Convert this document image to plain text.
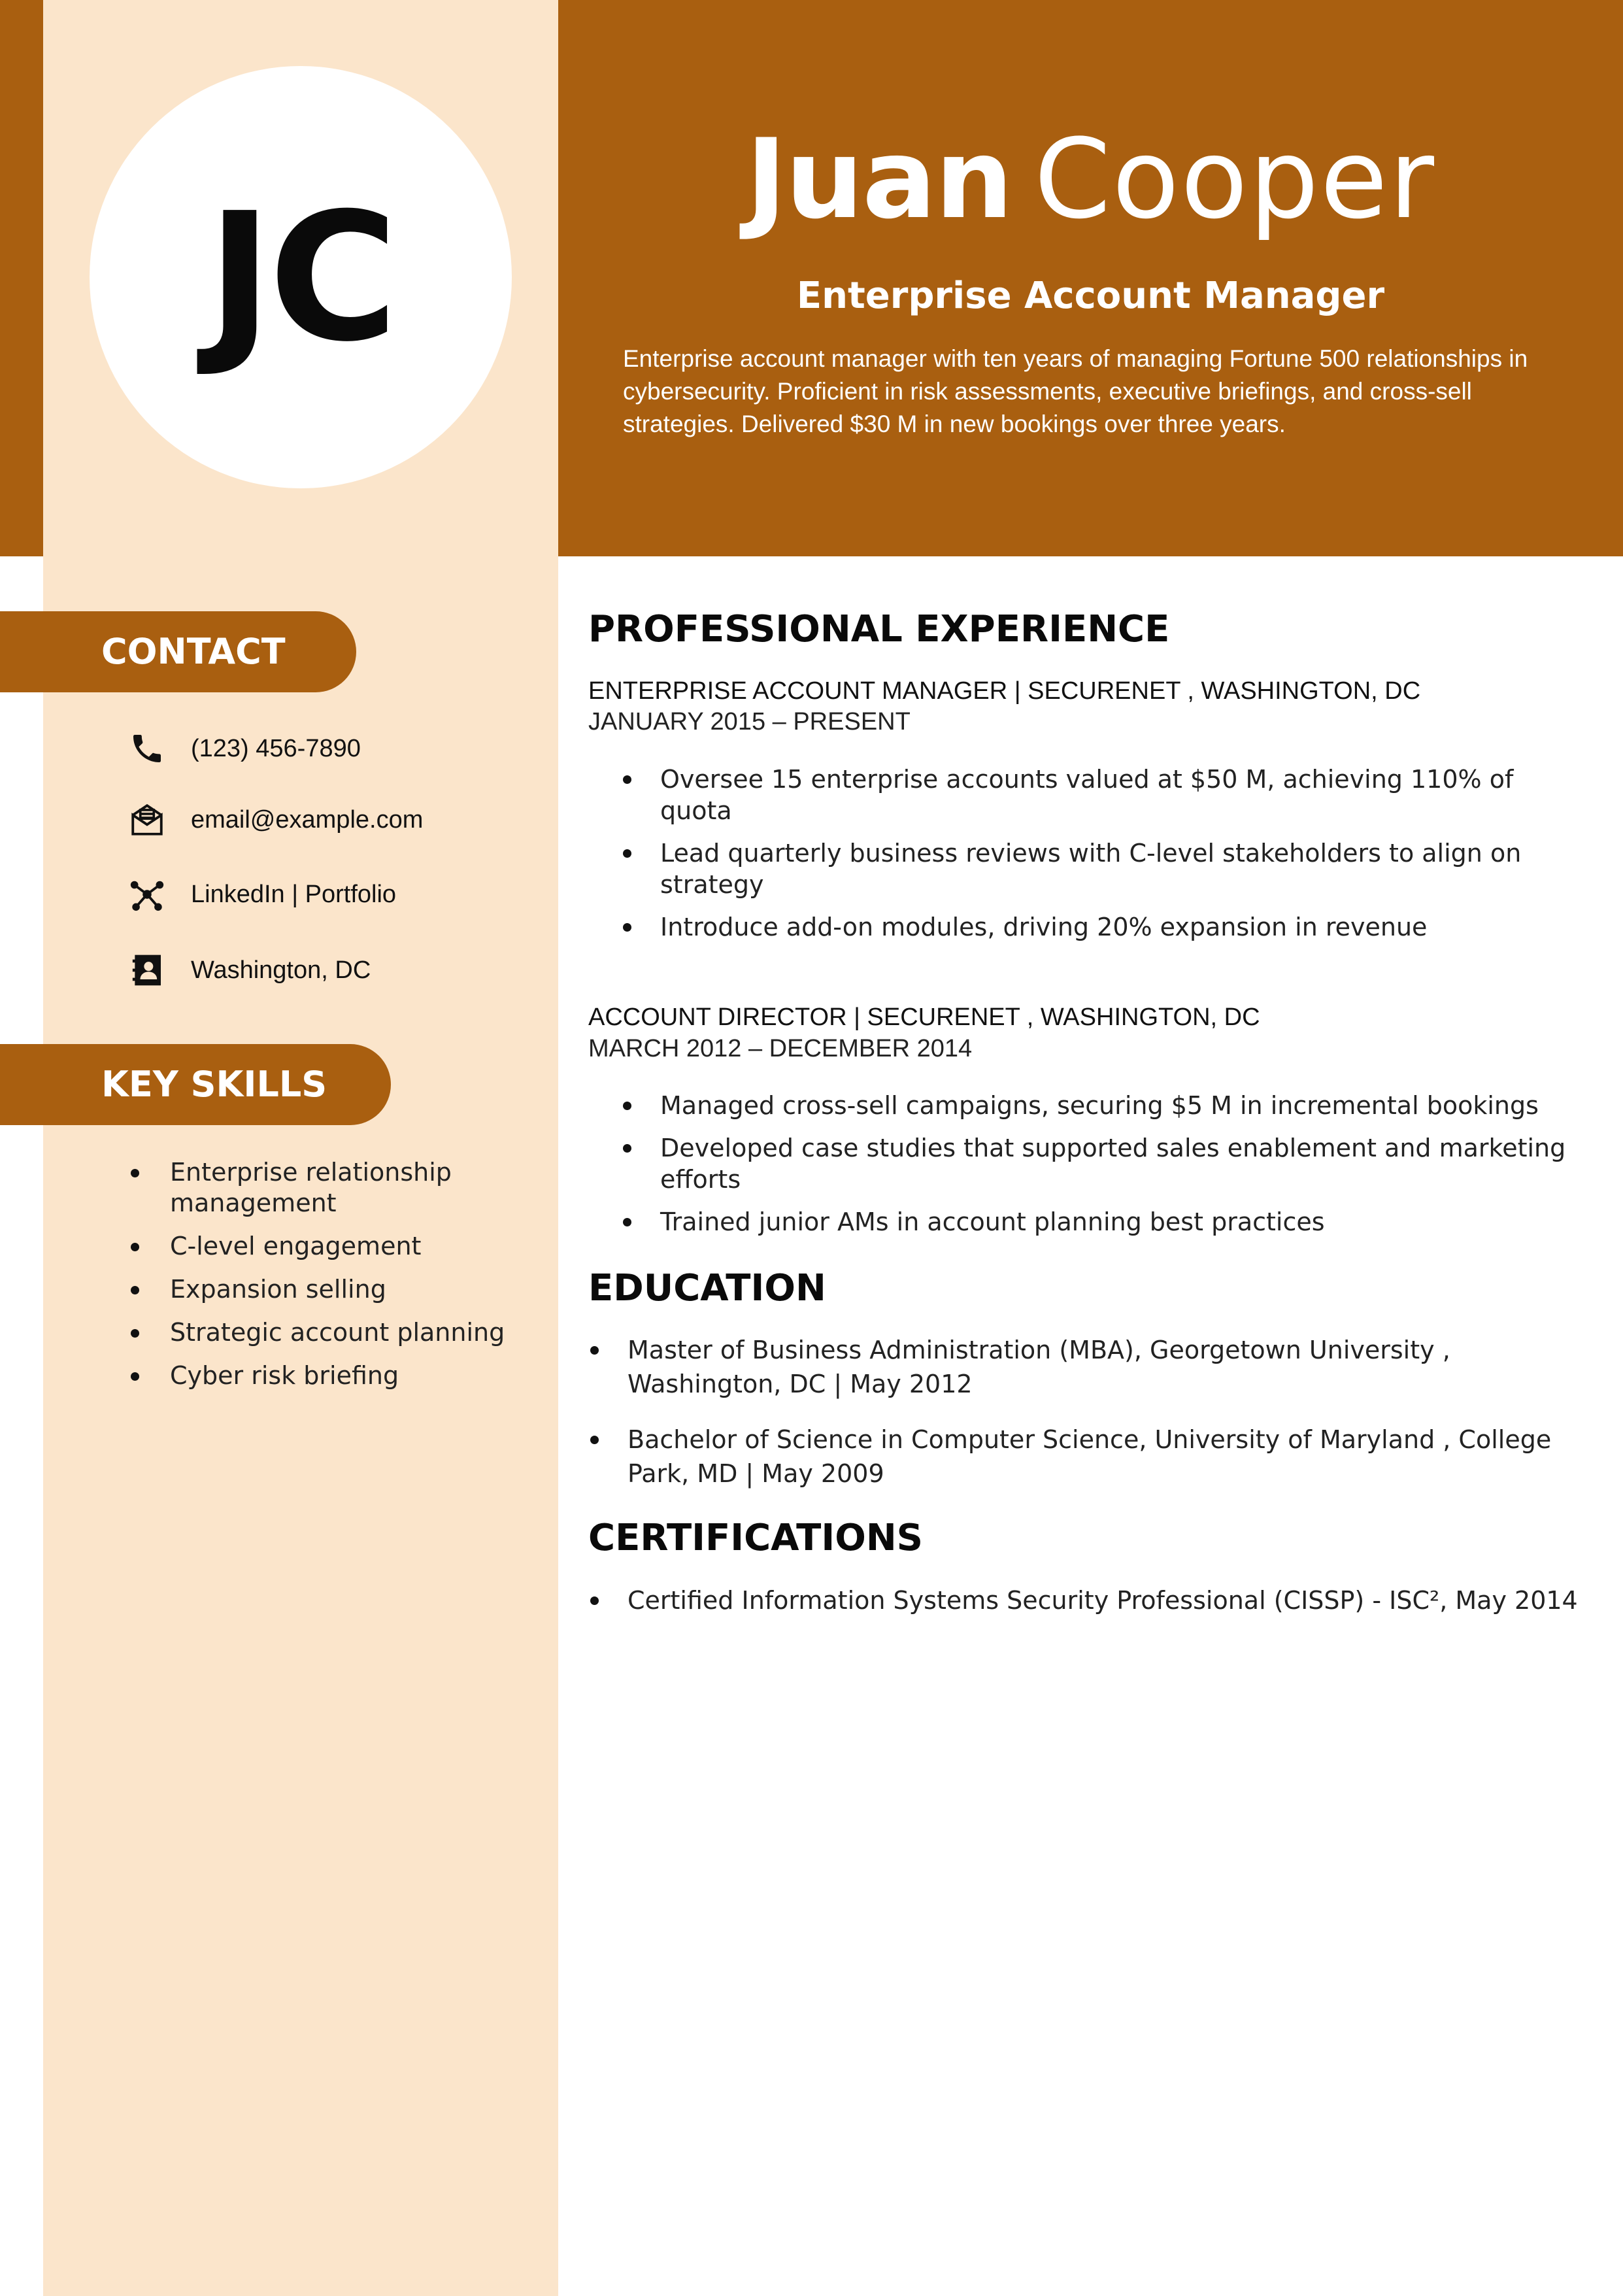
JC	Juan Cooper
Enterprise Account Manager
Enterprise account manager with ten years of managing Fortune 500 relationships in cybersecurity. Proficient in risk assessments, executive briefings, and cross-sell strategies. Delivered $30 M in new bookings over three years.
CONTACT
(123) 456-7890
email@example.com
LinkedIn | Portfolio
Washington, DC
KEY SKILLS
Enterprise relationship management
C-level engagement
Expansion selling
Strategic account planning
Cyber risk briefing
PROFESSIONAL EXPERIENCE
ENTERPRISE ACCOUNT MANAGER | SECURENET , WASHINGTON, DC
JANUARY 2015 – PRESENT
Oversee 15 enterprise accounts valued at $50 M, achieving 110% of quota
Lead quarterly business reviews with C-level stakeholders to align on strategy
Introduce add-on modules, driving 20% expansion in revenue
ACCOUNT DIRECTOR | SECURENET , WASHINGTON, DC
MARCH 2012 – DECEMBER 2014
Managed cross-sell campaigns, securing $5 M in incremental bookings
Developed case studies that supported sales enablement and marketing efforts
Trained junior AMs in account planning best practices
EDUCATION
Master of Business Administration (MBA), Georgetown University , Washington, DC | May 2012
Bachelor of Science in Computer Science, University of Maryland , College Park, MD | May 2009
CERTIFICATIONS
Certified Information Systems Security Professional (CISSP) - ISC², May 2014
